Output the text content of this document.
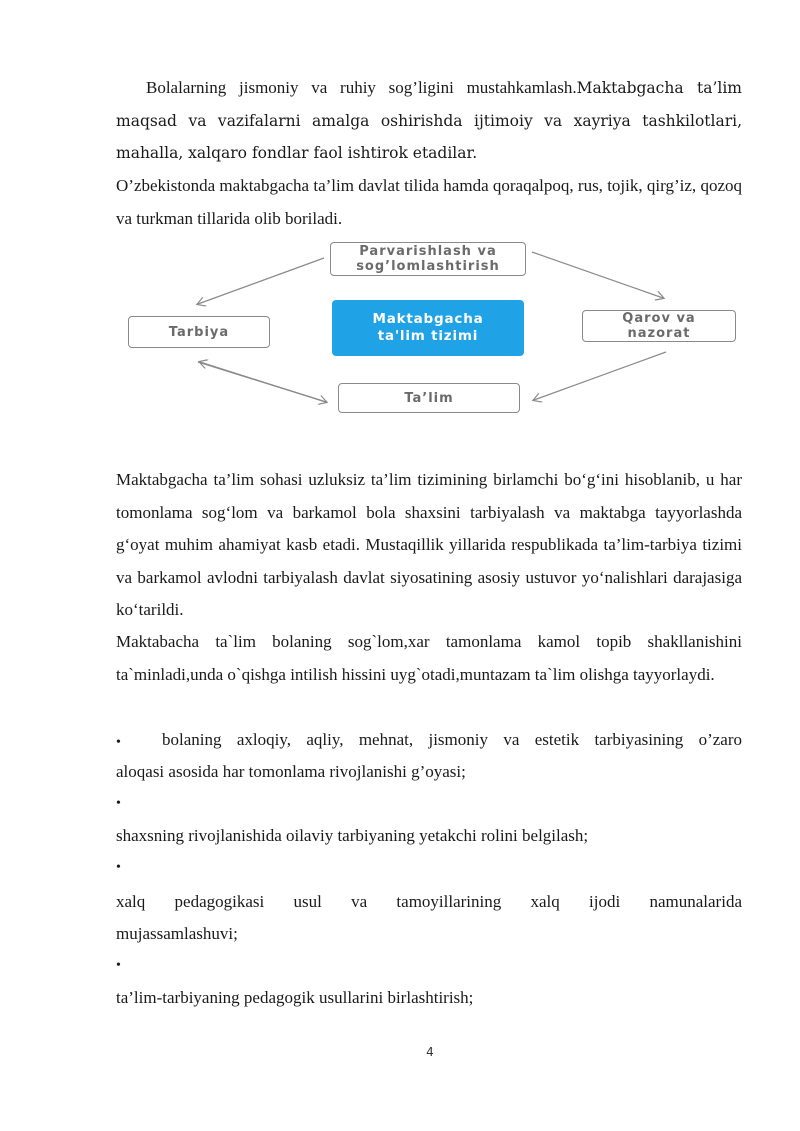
Bolalarning jismoniy va ruhiy sog’ligini mustahkamlash.Maktabgacha ta’lim maqsad va vazifalarni amalga oshirishda ijtimoiy va xayriya tashkilotlari, mahalla, xalqaro fondlar faol ishtirok etadilar.

O’zbekistonda maktabgacha ta’lim davlat tilida hamda qoraqalpoq, rus, tojik, qirg’iz, qozoq va turkman tillarida olib boriladi.

Parvarishlash va
sog’lomlashtirish
Tarbiya
Maktabgacha
ta'lim tizimi
Qarov va
nazorat
Ta’lim

Maktabgacha ta’lim sohasi uzluksiz ta’lim tizimining birlamchi bo‘g‘ini hisoblanib, u har tomonlama sog‘lom va barkamol bola shaxsini tarbiyalash va maktabga tayyorlashda g‘oyat muhim ahamiyat kasb etadi. Mustaqillik yillarida respublikada ta’lim-tarbiya tizimi va barkamol avlodni tarbiyalash davlat siyosatining asosiy ustuvor yo‘nalishlari darajasiga ko‘tarildi.

Maktabacha ta`lim bolaning sog`lom,xar tamonlama kamol topib shakllanishini ta`minladi,unda o`qishga intilish hissini uyg`otadi,muntazam ta`lim olishga tayyorlaydi.

• bolaning axloqiy, aqliy, mehnat, jismoniy va estetik tarbiyasining o’zaro

aloqasi asosida har tomonlama rivojlanishi g’oyasi;

•

shaxsning rivojlanishida oilaviy tarbiyaning yetakchi rolini belgilash;

•

xalq pedagogikasi usul va tamoyillarining xalq ijodi namunalarida

mujassamlashuvi;

•

ta’lim-tarbiyaning pedagogik usullarini birlashtirish;

4
